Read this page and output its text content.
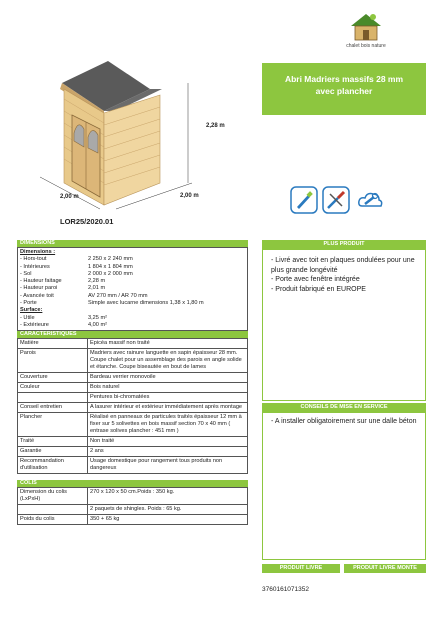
chalet bois nature
Abri Madriers massifs 28 mm
avec plancher
2,28 m
2,00 m	2,00 m
LOR25/2020.01
DIMENSIONS
Dimensions :
- Hors-tout	2 250 x 2 240 mm
- Intérieures	1 804 x 1 804 mm
- Sol	2 000 x 2 000 mm
- Hauteur faitage	2,28 m
- Hauteur paroi	2,01 m
- Avancée toit	AV 270 mm / AR 70 mm
- Porte	Simple avec lucarne dimensions 1,38 x 1,80 m
Surface:
- Utile	3,25 m²
- Extérieure	4,00 m²
CARACTERISTIQUES
Matière	Epicéa massif non traité
Parois	Madriers avec rainure languette en sapin épaisseur 28 mm. Coupe chalet pour un assemblage des parois en angle solide et étanche. Coupe biseautée en bout de lames
Couverture	Bardeau verrier monovoile
Couleur	Bois naturel
	Pentures bi-chromatées
Conseil entretien	A lasurer intérieur et extérieur immédiatement après montage
Plancher	Réalisé en panneaux de particules traités épaisseur 12 mm à fixer sur 5 solivettes en bois massif section 70 x 40 mm ( entrase solives plancher : 451 mm )
Traité	Non traité
Garantie	2 ans
Recommandation d'utilisation	Usage domestique pour rangement tous produits non dangereux
COLIS
Dimension du colis (LxPxH)	270 x 120 x 50 cm.Poids : 350 kg.
	2 paquets de shingles. Poids : 65 kg.
Poids du colis	350 + 65 kg
PLUS PRODUIT
- Livré avec toit en plaques ondulées pour une plus grande longévité
- Porte avec fenêtre intégrée
- Produit fabriqué en EUROPE
CONSEILS DE MISE EN SERVICE
- A installer obligatoirement sur une dalle béton
PRODUIT LIVRE	PRODUIT LIVRE MONTE
3760161071352
